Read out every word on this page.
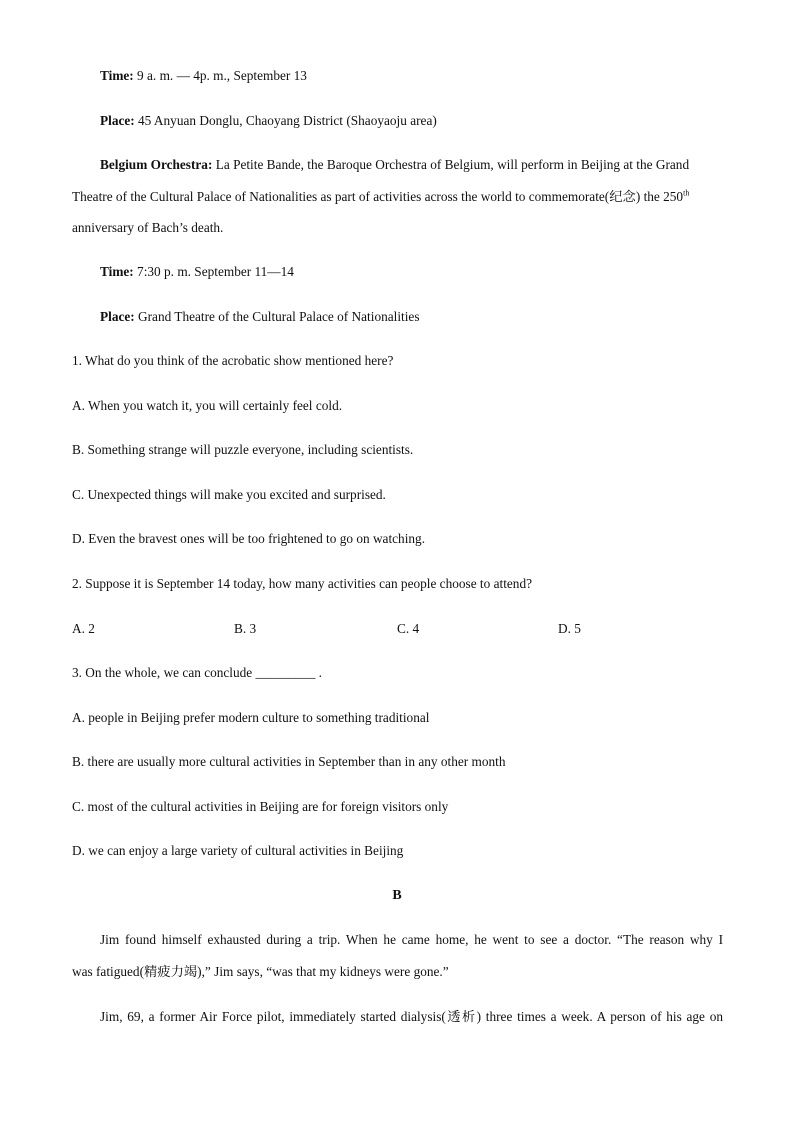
Time: 9 a. m. — 4p. m., September 13
Place: 45 Anyuan Donglu, Chaoyang District (Shaoyaoju area)
Belgium Orchestra: La Petite Bande, the Baroque Orchestra of Belgium, will perform in Beijing at the Grand
Theatre of the Cultural Palace of Nationalities as part of activities across the world to commemorate(纪念) the 250th
anniversary of Bach’s death.
Time: 7:30 p. m. September 11—14
Place: Grand Theatre of the Cultural Palace of Nationalities
1. What do you think of the acrobatic show mentioned here?
A. When you watch it, you will certainly feel cold.
B. Something strange will puzzle everyone, including scientists.
C. Unexpected things will make you excited and surprised.
D. Even the bravest ones will be too frightened to go on watching.
2. Suppose it is September 14 today, how many activities can people choose to attend?
A. 2	B. 3	C. 4	D. 5
3. On the whole, we can conclude _________ .
A. people in Beijing prefer modern culture to something traditional
B. there are usually more cultural activities in September than in any other month
C. most of the cultural activities in Beijing are for foreign visitors only
D. we can enjoy a large variety of cultural activities in Beijing
B
Jim found himself exhausted during a trip. When he came home, he went to see a doctor. “The reason why I
was fatigued(精疲力竭),” Jim says, “was that my kidneys were gone.”
Jim, 69, a former Air Force pilot, immediately started dialysis(透析) three times a week. A person of his age on
